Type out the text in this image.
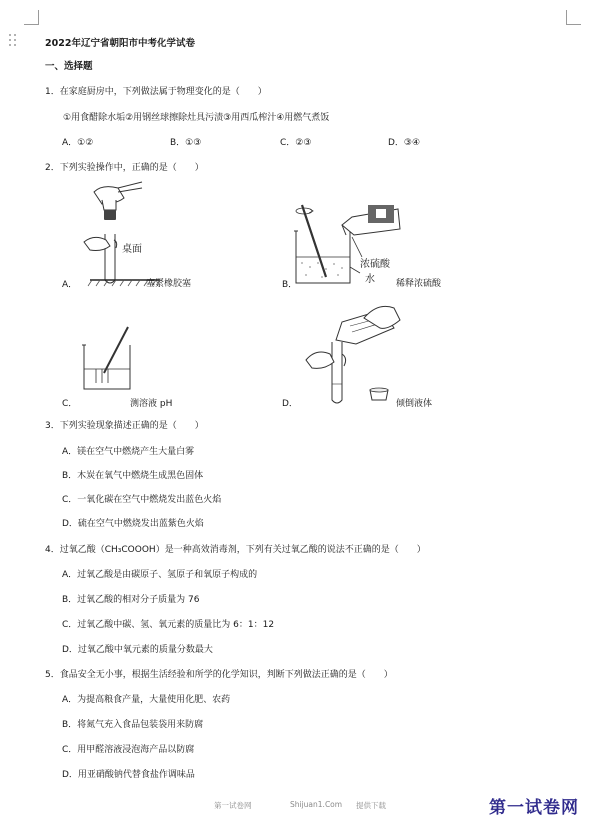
2022年辽宁省朝阳市中考化学试卷
一、选择题
1．在家庭厨房中，下列做法属于物理变化的是（　　）
①用食醋除水垢②用钢丝球擦除灶具污渍③用西瓜榨汁④用燃气煮饭
A．①②	B．①③	C．②③	D．③④
2．下列实验操作中，正确的是（　　）
桌面
A．	塞紧橡胶塞
浓硫酸
水
B．	稀释浓硫酸
C．	测溶液 pH	D．	倾倒液体
3．下列实验现象描述正确的是（　　）
A．镁在空气中燃烧产生大量白雾
B．木炭在氧气中燃烧生成黑色固体
C．一氧化碳在空气中燃烧发出蓝色火焰
D．硫在空气中燃烧发出蓝紫色火焰
4．过氧乙酸（CH₃COOOH）是一种高效消毒剂，下列有关过氧乙酸的说法不正确的是（　　）
A．过氧乙酸是由碳原子、氢原子和氧原子构成的
B．过氧乙酸的相对分子质量为 76
C．过氧乙酸中碳、氢、氧元素的质量比为 6：1：12
D．过氧乙酸中氧元素的质量分数最大
5．食品安全无小事，根据生活经验和所学的化学知识，判断下列做法正确的是（　　）
A．为提高粮食产量，大量使用化肥、农药
B．将氮气充入食品包装袋用来防腐
C．用甲醛溶液浸泡海产品以防腐
D．用亚硝酸钠代替食盐作调味品
第一试卷网	Shijuan1.Com 提供下载	第一试卷网
